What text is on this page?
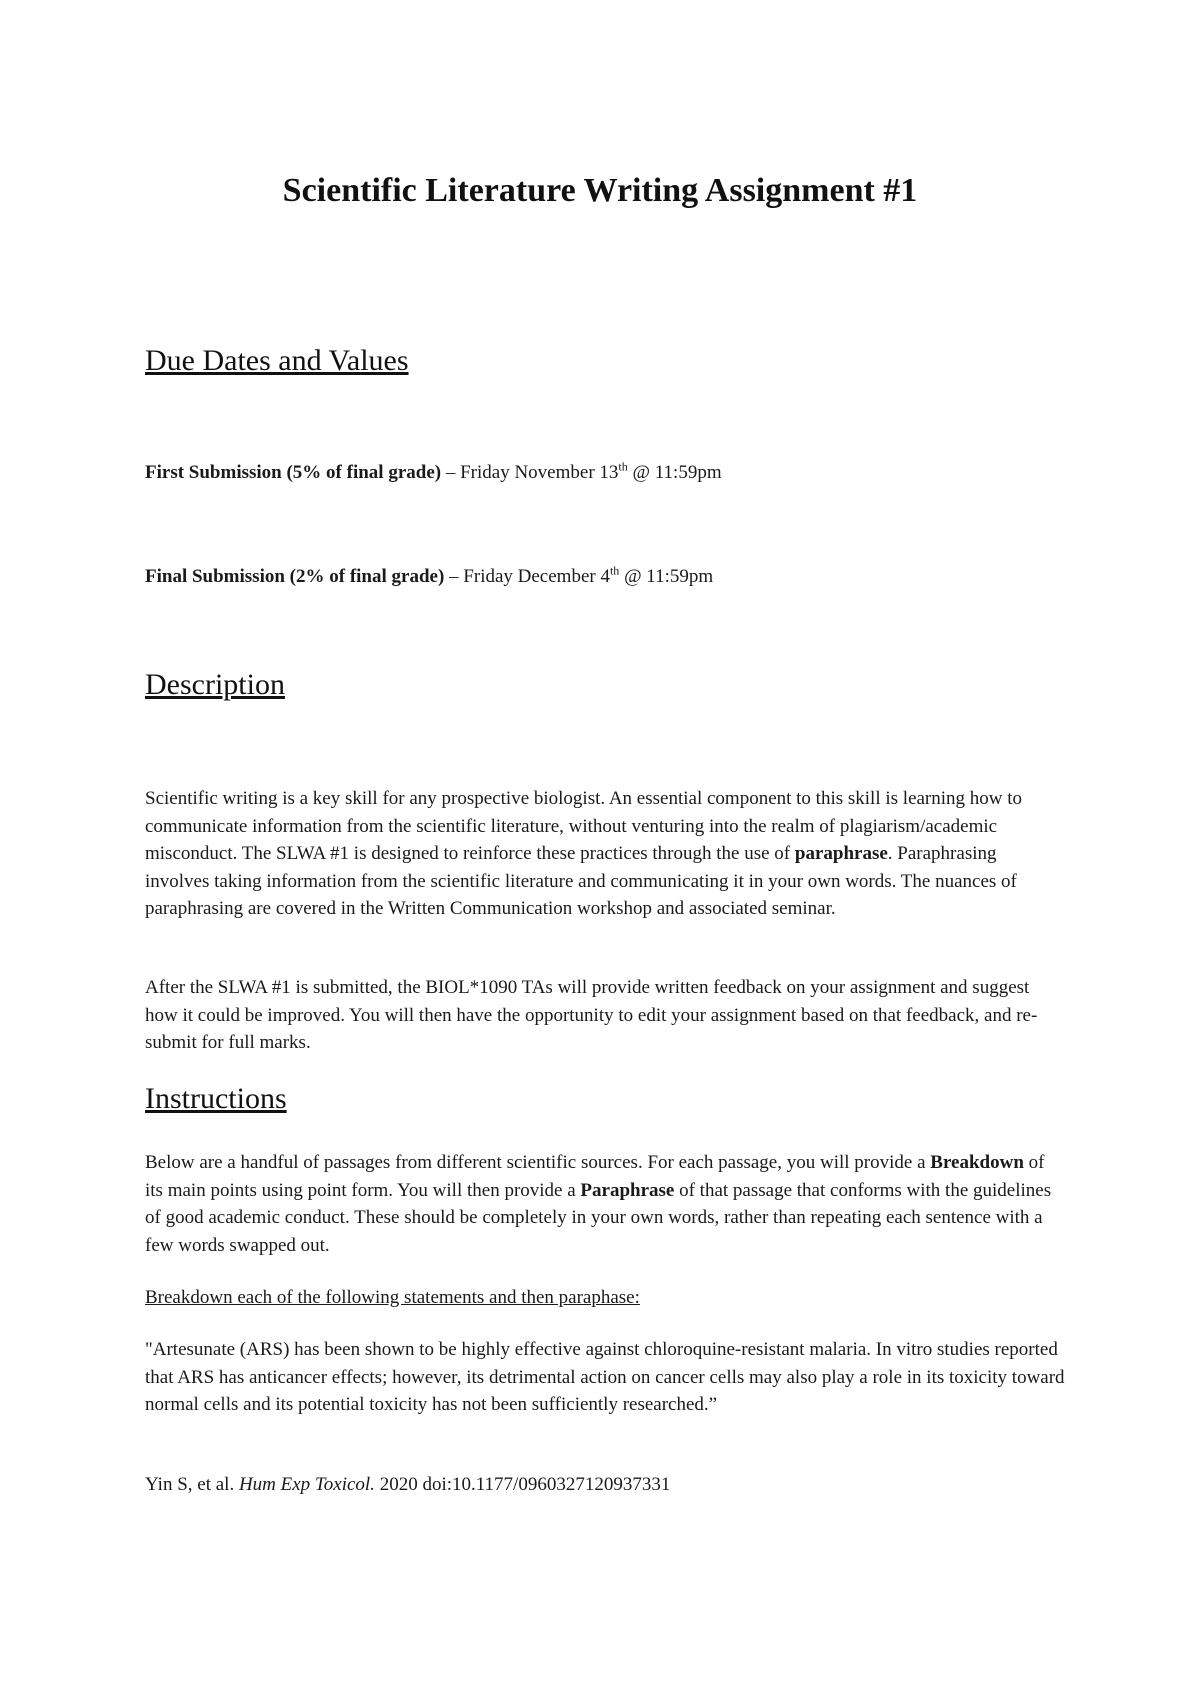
Scientific Literature Writing Assignment #1
Due Dates and Values

First Submission (5% of final grade) – Friday November 13th @ 11:59pm

Final Submission (2% of final grade) – Friday December 4th @ 11:59pm

Description

Scientific writing is a key skill for any prospective biologist. An essential component to this skill is learning how to communicate information from the scientific literature, without venturing into the realm of plagiarism/academic misconduct. The SLWA #1 is designed to reinforce these practices through the use of paraphrase. Paraphrasing involves taking information from the scientific literature and communicating it in your own words. The nuances of paraphrasing are covered in the Written Communication workshop and associated seminar.

After the SLWA #1 is submitted, the BIOL*1090 TAs will provide written feedback on your assignment and suggest how it could be improved. You will then have the opportunity to edit your assignment based on that feedback, and re-submit for full marks.

Instructions

Below are a handful of passages from different scientific sources. For each passage, you will provide a Breakdown of its main points using point form. You will then provide a Paraphrase of that passage that conforms with the guidelines of good academic conduct. These should be completely in your own words, rather than repeating each sentence with a few words swapped out.

Breakdown each of the following statements and then paraphase:

"Artesunate (ARS) has been shown to be highly effective against chloroquine-resistant malaria. In vitro studies reported that ARS has anticancer effects; however, its detrimental action on cancer cells may also play a role in its toxicity toward normal cells and its potential toxicity has not been sufficiently researched.”

Yin S, et al. Hum Exp Toxicol. 2020 doi:10.1177/0960327120937331
